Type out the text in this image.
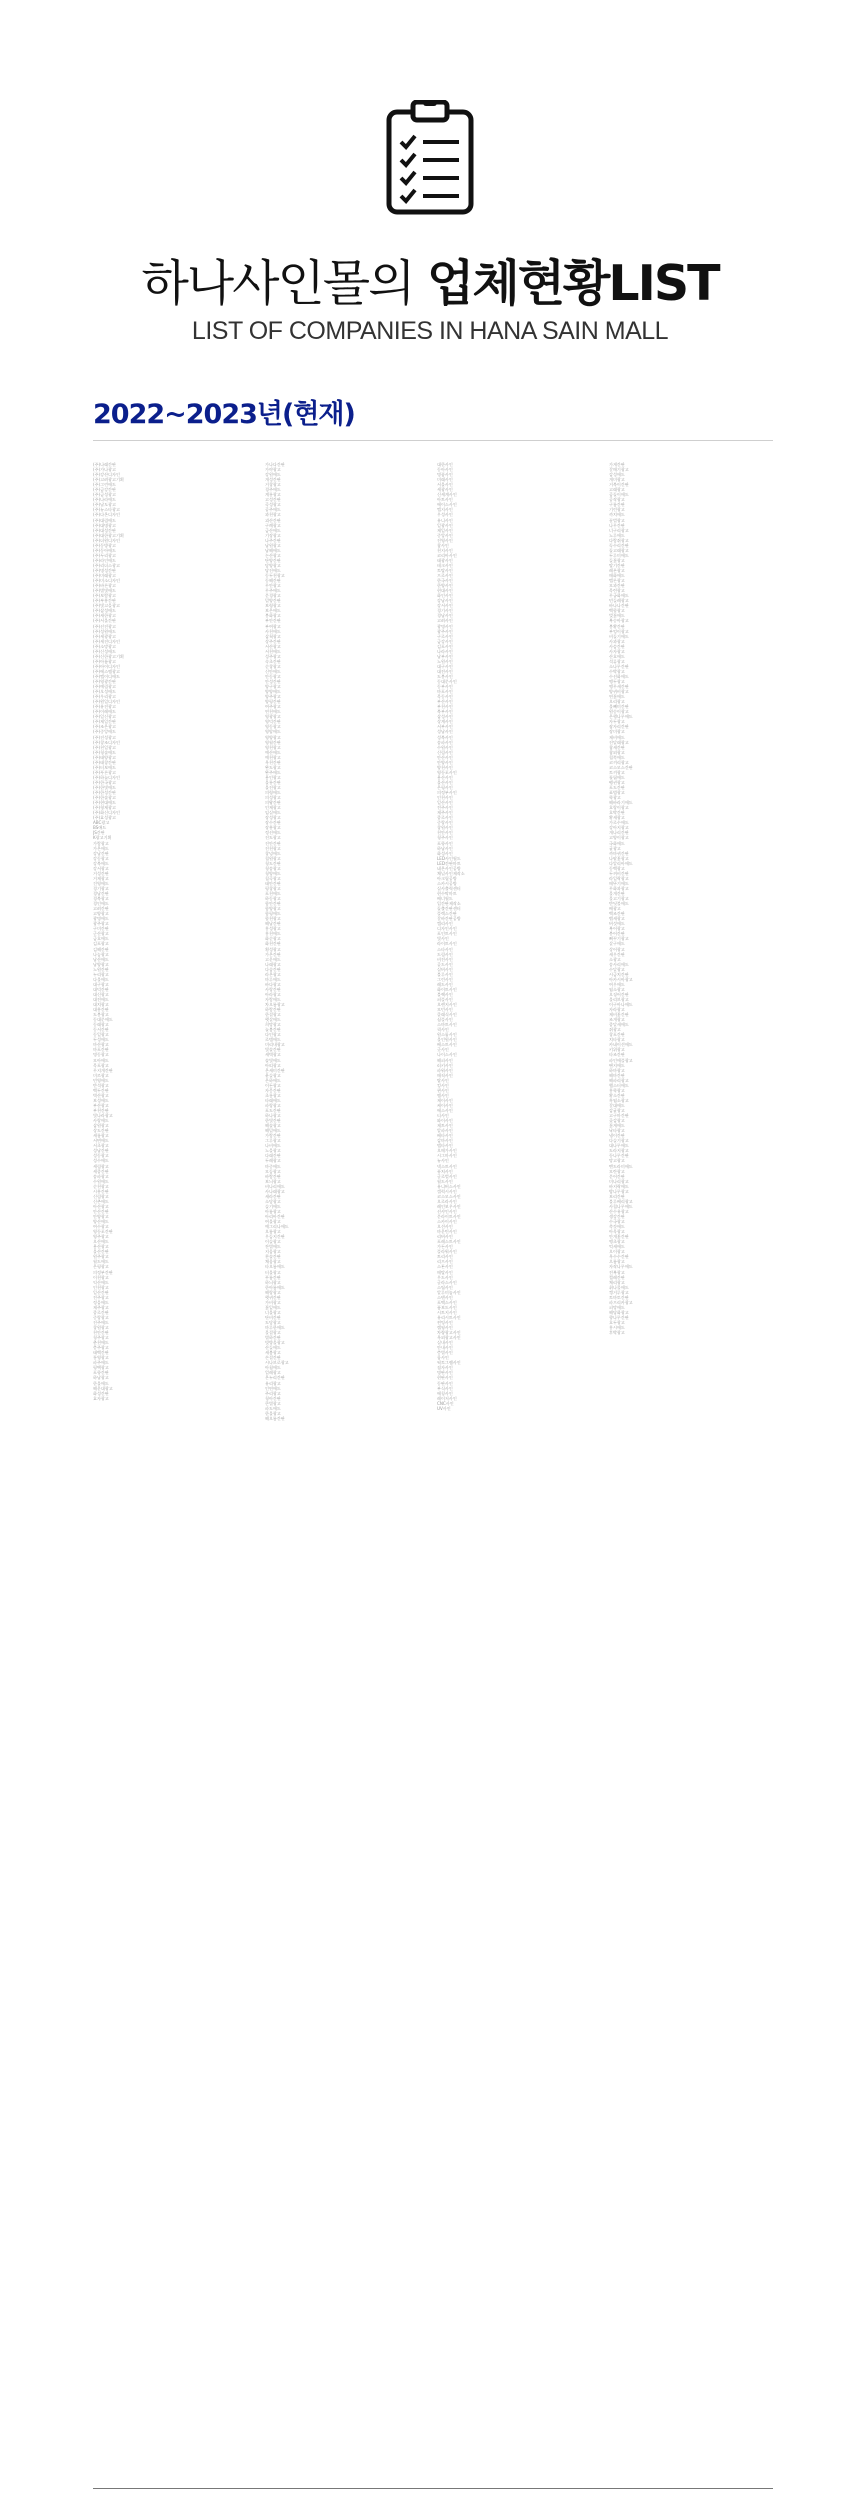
하나사인몰의 업체현황LIST
LIST OF COMPANIES IN HANA SAIN MALL
2022~2023년(현재)
(주)나래간판
(주)가나광고
(주)강산디자인
(주)고려광고기획
(주)그린애드
(주)금강간판
(주)금성광고
(주)나라애드
(주)남도광고
(주)뉴스타광고
(주)다온디자인
(주)대림애드
(주)대명광고
(주)대성간판
(주)대한광고기획
(주)더원디자인
(주)동방광고
(주)동아애드
(주)두리광고
(주)라인애드
(주)리더스광고
(주)명성간판
(주)미래광고
(주)미소디자인
(주)바른광고
(주)별빛애드
(주)보람광고
(주)부흥간판
(주)빛고을광고
(주)삼성애드
(주)새한광고
(주)서울간판
(주)선진광고
(주)성원애드
(주)세광광고
(주)세진디자인
(주)소망광고
(주)신성애드
(주)신한광고기획
(주)아름광고
(주)아이디자인
(주)에스엠광고
(주)엘이디애드
(주)영광간판
(주)예림광고
(주)오성애드
(주)우리광고
(주)원일디자인
(주)유진광고
(주)이레애드
(주)일신광고
(주)제일간판
(주)조은광고
(주)중앙애드
(주)진성광고
(주)창조디자인
(주)천일광고
(주)청솔애드
(주)태양광고
(주)태창간판
(주)터보애드
(주)푸른광고
(주)하늘디자인
(주)한국광고
(주)한빛애드
(주)한성간판
(주)한솔광고
(주)현대애드
(주)형제광고
(주)화신디자인
(주)효성광고
ABC광고
BS애드
JS간판
K광고기획
가람광고
가온애드
강남간판
강동광고
강북애드
강서광고
거성간판
거제광고
건영애드
경기광고
경남간판
경북광고
경인애드
고려간판
고양광고
광명애드
광주광고
구미간판
군산광고
금호애드
김포광고
김해간판
나눔광고
남산애드
남양광고
노원간판
누리광고
다올애드
대구광고
대덕간판
대신광고
대전애드
대치광고
대흥간판
도봉광고
동대문애드
동래광고
동서간판
동일광고
두성애드
마산광고
마포간판
명동광고
모아애드
목포광고
무지개간판
미르광고
민영애드
반석광고
백두간판
벽산광고
보성애드
부산광고
부천간판
빛나라광고
사랑애드
삼원광고
상도간판
새롬광고
서면애드
서초광고
성남간판
성동광고
성수애드
세림광고
세종간판
송파광고
수원애드
순천광고
시흥간판
신림광고
신촌애드
아산광고
안산간판
안양광고
양산애드
여수광고
영등포간판
영주광고
오산애드
용산광고
울산간판
원주광고
월드애드
은평광고
의정부간판
이천광고
익산애드
인천광고
일산간판
전주광고
정읍애드
제주광고
종로간판
중랑광고
진주애드
창원광고
천안간판
청주광고
춘천애드
충주광고
태백간판
통영광고
파주애드
평택광고
포항간판
하남광고
한울애드
해운대광고
화성간판
효자광고
가나다간판
가야광고
강원애드
개성간판
거창광고
경주애드
계룡광고
고성간판
곡성광고
공주애드
과천광고
괴산간판
구례광고
금산애드
기장광고
나주간판
남원광고
남해애드
논산광고
단양간판
담양광고
당진애드
동두천광고
동해간판
무안광고
무주애드
문경광고
밀양간판
보령광고
보은애드
봉화광고
부안간판
부여광고
사천애드
삼척광고
상주간판
서산광고
서천애드
성주광고
속초간판
순창광고
신안애드
안동광고
안성간판
양구광고
양양애드
양주광고
양평간판
여주광고
연천애드
영광광고
영덕간판
영동광고
영암애드
영양광고
영월간판
영천광고
예산애드
예천광고
옥천간판
완도광고
완주애드
용인광고
울릉간판
울진광고
의령애드
의성광고
의왕간판
인제광고
임실애드
장성광고
장수간판
장흥광고
정선애드
진도광고
진안간판
진천광고
창녕애드
철원광고
청도간판
청송광고
청양애드
칠곡광고
태안간판
평창광고
포천애드
하동광고
함안간판
함양광고
함평애드
합천광고
해남간판
홍성광고
홍천애드
화순광고
화천간판
횡성광고
가온간판
고운애드
나래광고
다솜간판
라온광고
마루애드
바다광고
사랑간판
아라광고
자람애드
차오름광고
하람간판
한결광고
햇살애드
희망광고
늘봄간판
다인광고
로뎀애드
미리내광고
빛솔간판
새벽광고
솔빛애드
아띠광고
온새미간판
윤슬광고
은하애드
이든광고
자몽간판
초롱광고
타래애드
파랑광고
포도간판
하나광고
한빛간판
해솔광고
해밀애드
가람간판
그루광고
나비애드
노을광고
다래간판
두레광고
마중애드
모둠광고
바람간판
보늬광고
비나리애드
사나래광고
새라간판
소담광고
슬기애드
아름광고
아리아간판
여울광고
예그리나애드
오름광고
우듬지간판
이슬광고
잔별애드
지음광고
찬솔간판
채움광고
타오름애드
터울광고
푸름간판
하늬광고
한아름애드
해랑광고
햇귀간판
가비광고
꽃잎애드
너울광고
단비간판
도담광고
마루한애드
물결광고
별하간판
빗방울광고
산들애드
새봄광고
손결간판
시나브로광고
아침애드
얼레광고
온누리간판
유리광고
인연애드
주리광고
청아간판
큰별광고
파도애드
한울광고
해오름간판
대한사인
동아사인
명품사인
미래사인
서울사인
세광사인
신세계사인
아트사인
에이스사인
엘지사인
우성사인
유니사인
일광사인
제일사인
중앙사인
진영사인
참사인
천지사인
코리아사인
태광사인
테크사인
토탈사인
프로사인
한국사인
한양사인
현대사인
화인사인
강남사인
강서사인
경기사인
경남사인
고려사인
광명사인
광주사인
구로사인
금강사인
김포사인
나라사인
남부사인
노원사인
대구사인
대전사인
도봉사인
동대문사인
동부사인
마포사인
목동사인
부산사인
부천사인
북부사인
삼성사인
상계사인
서부사인
성남사인
성북사인
송파사인
수원사인
신림사인
안산사인
안양사인
양천사인
영등포사인
용산사인
울산사인
은평사인
의정부사인
인천사인
일산사인
전주사인
제주사인
종로사인
중랑사인
창원사인
천안사인
청주사인
포항사인
하남사인
화성사인
LED사인월드
LED간판마트
네온사인공방
채널사인제작소
아크릴공방
스카시공방
실사출력센터
현수막마트
배너월드
입간판제작소
돌출간판센터
플렉스간판
갈바간판공방
캘리사인
디자인사인
포인트사인
빛사인
라이트사인
스타사인
드림사인
비전사인
골드사인
실버사인
블루사인
그린사인
레드사인
화이트사인
블랙사인
퍼플사인
오렌지사인
모던사인
클래식사인
심플사인
스마트사인
퀵사인
원스톱사인
올인원사인
베스트사인
굿사인
나이스사인
해피사인
러키사인
파워사인
매직사인
탑사인
킹사인
퀸사인
엠사인
제이사인
케이사인
에스사인
티사인
와이사인
제트사인
알파사인
베타사인
감마사인
델타사인
오메가사인
시그마사인
뉴사인
넥스트사인
퓨처사인
글로벌사인
월드사인
유니버스사인
갤럭시사인
코스모스사인
오로라사인
레인보우사인
선샤인사인
문라이트사인
스카이사인
오션사인
마운틴사인
리버사인
포레스트사인
가든사인
플라워사인
트리사인
리프사인
스톤사인
메탈사인
우드사인
글라스사인
스틸사인
알루미늄사인
스텐사인
포맥스사인
폼보드사인
시트지사인
유리시트사인
썬팅사인
랩핑사인
차량광고사인
옥외광고사인
실내사인
안내사인
층별사인
룸사인
픽토그램사인
점자사인
명판사인
현판사인
동판사인
부식사인
에칭사인
레이저사인
CNC사인
UV사인
가게간판
갈매기광고
감성애드
개미광고
거북이간판
고래광고
곰돌이애드
공작광고
구름간판
기린광고
까치애드
꿀벌광고
나무간판
너구리광고
노루애드
다람쥐광고
독수리간판
돌고래광고
두루미애드
들꽃광고
딸기간판
레몬광고
매화애드
멜론광고
모과간판
목련광고
무궁화애드
민들레광고
바나나간판
백합광고
벚꽃애드
복숭아광고
봉황간판
부엉이광고
비둘기애드
사과광고
사슴간판
사자광고
산호애드
석류광고
소나무간판
수박광고
수선화애드
앵두광고
앵무새간판
양귀비광고
연꽃애드
오리광고
올빼미간판
원숭이광고
은행나무애드
자두광고
잠자리간판
장미광고
제비애드
진달래광고
참새간판
참외광고
철쭉애드
코끼리광고
코스모스간판
토끼광고
튤립애드
펭귄광고
포도간판
표범광고
학광고
해바라기애드
호랑이광고
호박간판
황새광고
가로수애드
강아지광고
개나리간판
고양이광고
국화애드
귤광고
까마귀간판
나팔꽃광고
다알리아애드
동백광고
두꺼비간판
라일락광고
메뚜기애드
무화과광고
물개간판
물고기광고
반딧불애드
배광고
백조간판
뱁새광고
버섯애드
복어광고
붕어간판
뻐꾸기광고
살구애드
상어광고
새우간판
소광고
송사리애드
수달광고
시금치간판
아카시아광고
여우애드
염소광고
오징어간판
올리브광고
이구아나애드
자라광고
제비꽃간판
조개광고
종달새애드
쥐광고
창포간판
치타광고
카네이션애드
키위광고
타조간판
파인애플광고
팬지애드
하마광고
해마간판
해파리광고
햄스터애드
홍학광고
황소간판
흑염소광고
갈대애드
감귤광고
고구마간판
곶감광고
꽃게애드
낙타광고
냉이간판
다슬기광고
대나무애드
도라지광고
등나무간판
망고광고
맨드라미애드
모란광고
문어간판
미나리광고
바지락애드
밤나무광고
보리간판
블루베리광고
사철나무애드
산수유광고
생강간판
수국광고
쑥갓애드
아욱광고
안개꽃간판
앵초광고
억새애드
오이광고
옥수수간판
으름광고
자작나무애드
전복광고
찔레간판
체리광고
취나물애드
캥거루광고
토마토간판
파프리카광고
피망애드
해당화광고
향나무간판
호두광고
홍시애드
후박광고
